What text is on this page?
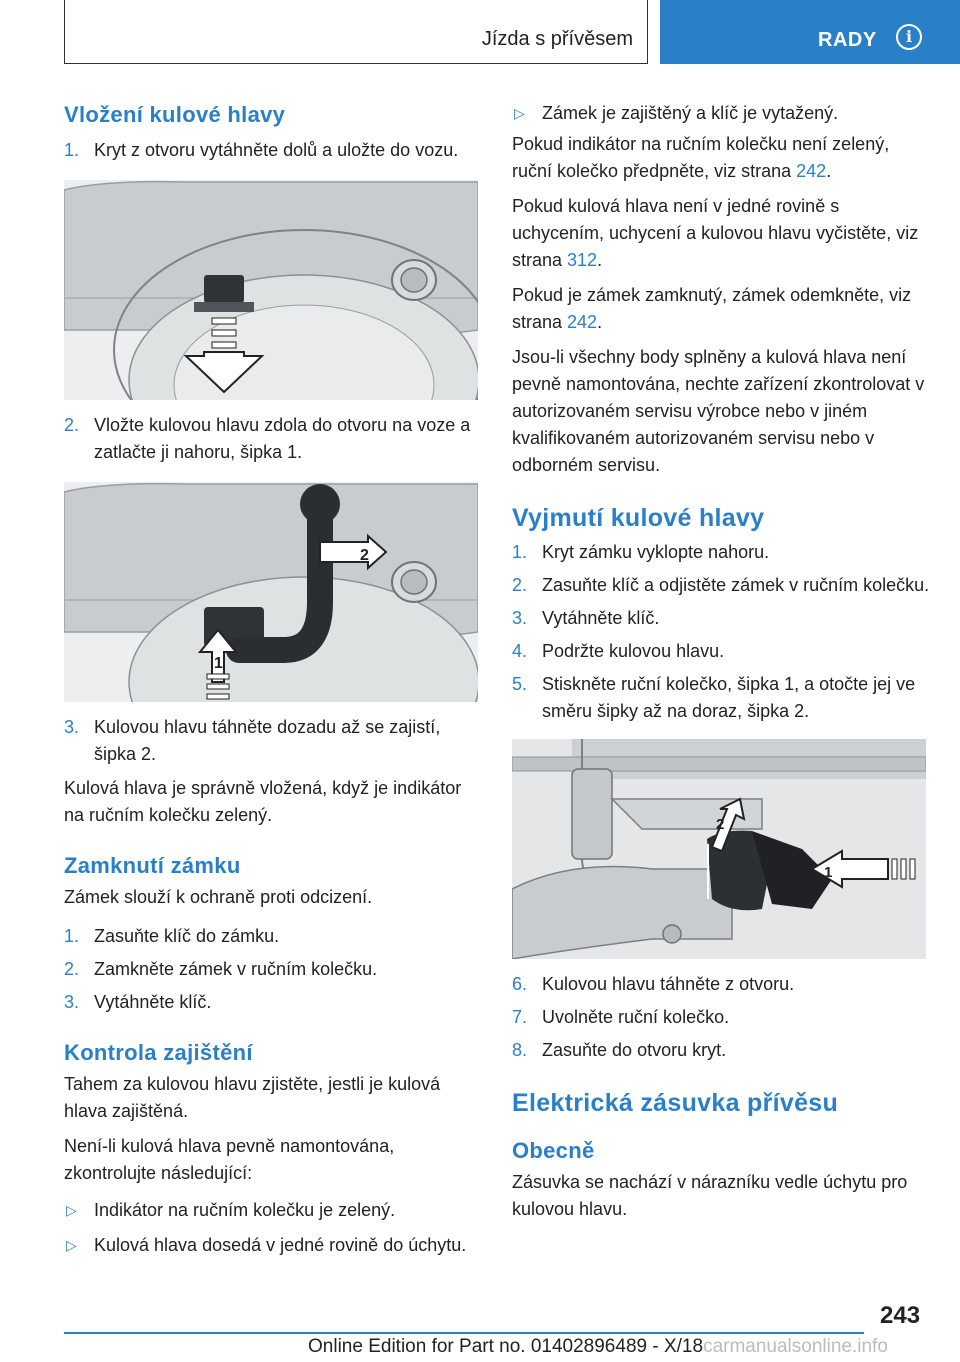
Jízda s přívěsem	RADY	i
Vložení kulové hlavy
1. Kryt z otvoru vytáhněte dolů a uložte do vozu.
2. Vložte kulovou hlavu zdola do otvoru na voze a zatlačte ji nahoru, šipka 1.
2
1
3. Kulovou hlavu táhněte dozadu až se zajistí, šipka 2.

Kulová hlava je správně vložená, když je indikátor na ručním kolečku zelený.

Zamknutí zámku

Zámek slouží k ochraně proti odcizení.

1. Zasuňte klíč do zámku.
2. Zamkněte zámek v ručním kolečku.
3. Vytáhněte klíč.
Kontrola zajištění

Tahem za kulovou hlavu zjistěte, jestli je kulová hlava zajištěná.

Není-li kulová hlava pevně namontována, zkontrolujte následující:

▷ Indikátor na ručním kolečku je zelený.
▷ Kulová hlava dosedá v jedné rovině do úchytu.
▷ Zámek je zajištěný a klíč je vytažený.

Pokud indikátor na ručním kolečku není zelený, ruční kolečko předpněte, viz strana 242.

Pokud kulová hlava není v jedné rovině s uchycením, uchycení a kulovou hlavu vyčistěte, viz strana 312.

Pokud je zámek zamknutý, zámek odemkněte, viz strana 242.

Jsou-li všechny body splněny a kulová hlava není pevně namontována, nechte zařízení zkontrolovat v autorizovaném servisu výrobce nebo v jiném kvalifikovaném autorizovaném servisu nebo v odborném servisu.

Vyjmutí kulové hlavy
1. Kryt zámku vyklopte nahoru.
2. Zasuňte klíč a odjistěte zámek v ručním kolečku.
3. Vytáhněte klíč.
4. Podržte kulovou hlavu.
5. Stiskněte ruční kolečko, šipka 1, a otočte jej ve směru šipky až na doraz, šipka 2.
2
1
6. Kulovou hlavu táhněte z otvoru.
7. Uvolněte ruční kolečko.
8. Zasuňte do otvoru kryt.
Elektrická zásuvka přívěsu
Obecně

Zásuvka se nachází v nárazníku vedle úchytu pro kulovou hlavu.

243
Online Edition for Part no. 01402896489 - X/18carmanualsonline.info
